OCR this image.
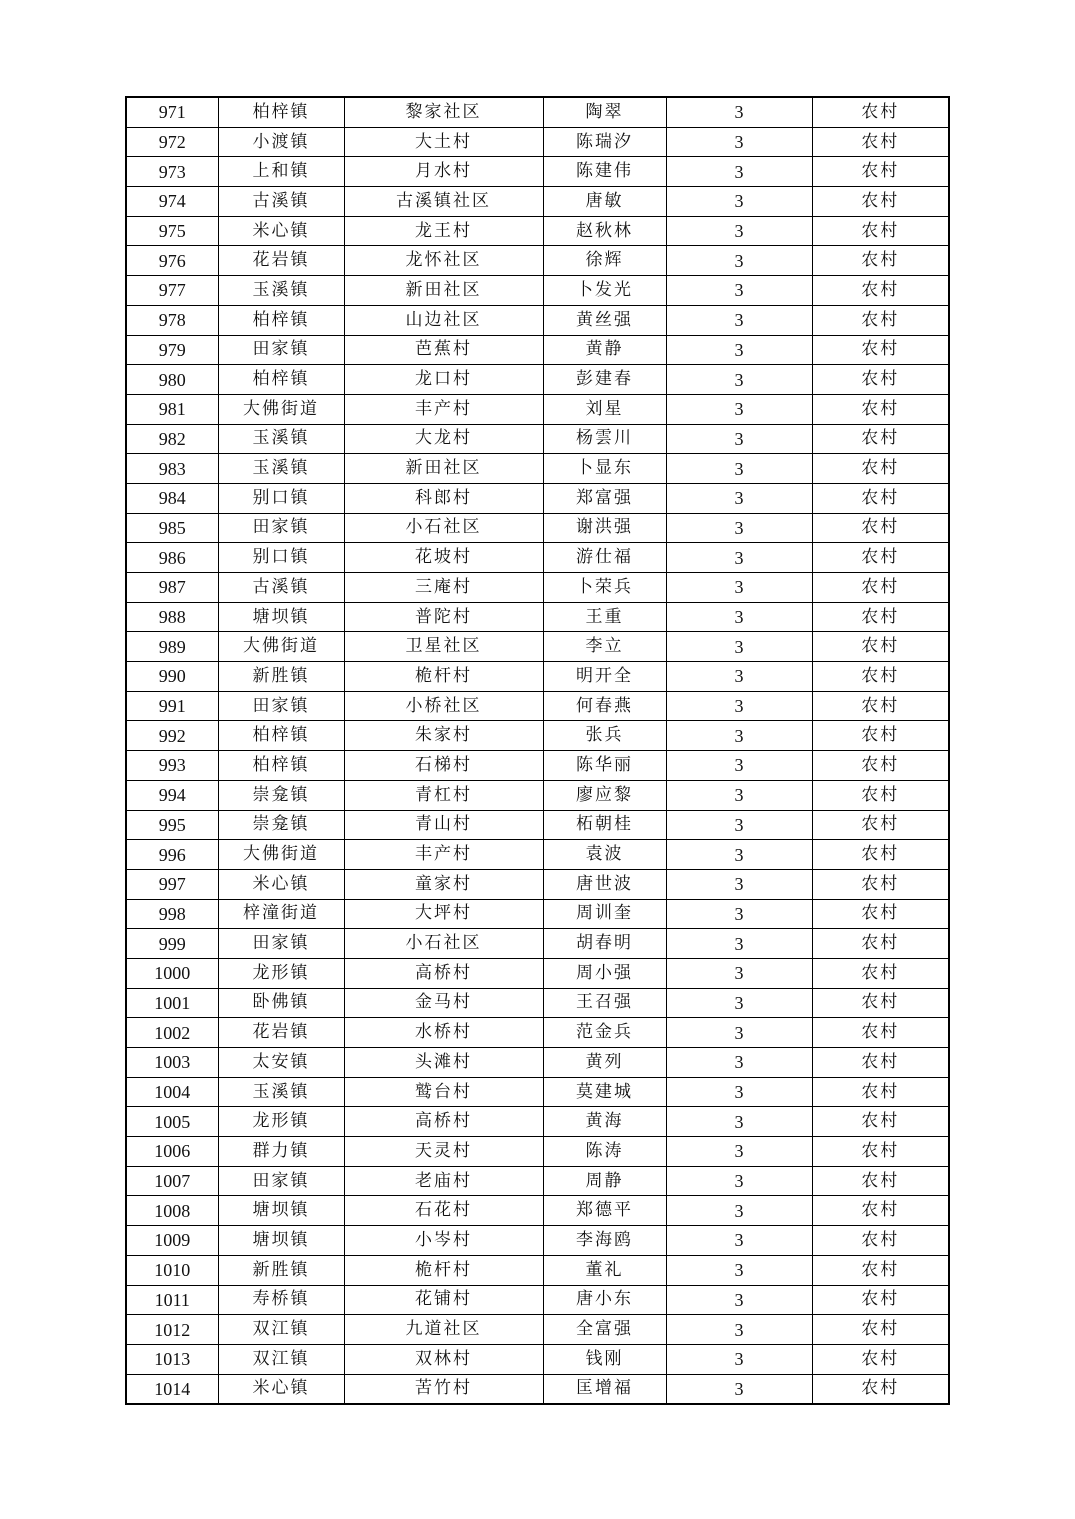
971	柏梓镇	黎家社区	陶翠	3	农村
972	小渡镇	大土村	陈瑞汐	3	农村
973	上和镇	月水村	陈建伟	3	农村
974	古溪镇	古溪镇社区	唐敏	3	农村
975	米心镇	龙王村	赵秋林	3	农村
976	花岩镇	龙怀社区	徐辉	3	农村
977	玉溪镇	新田社区	卜发光	3	农村
978	柏梓镇	山边社区	黄丝强	3	农村
979	田家镇	芭蕉村	黄静	3	农村
980	柏梓镇	龙口村	彭建春	3	农村
981	大佛街道	丰产村	刘星	3	农村
982	玉溪镇	大龙村	杨雲川	3	农村
983	玉溪镇	新田社区	卜显东	3	农村
984	别口镇	科郎村	郑富强	3	农村
985	田家镇	小石社区	谢洪强	3	农村
986	别口镇	花坡村	游仕福	3	农村
987	古溪镇	三庵村	卜荣兵	3	农村
988	塘坝镇	普陀村	王重	3	农村
989	大佛街道	卫星社区	李立	3	农村
990	新胜镇	桅杆村	明开全	3	农村
991	田家镇	小桥社区	何春燕	3	农村
992	柏梓镇	朱家村	张兵	3	农村
993	柏梓镇	石梯村	陈华丽	3	农村
994	崇龛镇	青杠村	廖应黎	3	农村
995	崇龛镇	青山村	柘朝桂	3	农村
996	大佛街道	丰产村	袁波	3	农村
997	米心镇	童家村	唐世波	3	农村
998	梓潼街道	大坪村	周训奎	3	农村
999	田家镇	小石社区	胡春明	3	农村
1000	龙形镇	高桥村	周小强	3	农村
1001	卧佛镇	金马村	王召强	3	农村
1002	花岩镇	水桥村	范金兵	3	农村
1003	太安镇	头滩村	黄列	3	农村
1004	玉溪镇	鹫台村	莫建城	3	农村
1005	龙形镇	高桥村	黄海	3	农村
1006	群力镇	天灵村	陈涛	3	农村
1007	田家镇	老庙村	周静	3	农村
1008	塘坝镇	石花村	郑德平	3	农村
1009	塘坝镇	小岑村	李海鸥	3	农村
1010	新胜镇	桅杆村	董礼	3	农村
1011	寿桥镇	花铺村	唐小东	3	农村
1012	双江镇	九道社区	全富强	3	农村
1013	双江镇	双林村	钱刚	3	农村
1014	米心镇	苦竹村	匡增福	3	农村
